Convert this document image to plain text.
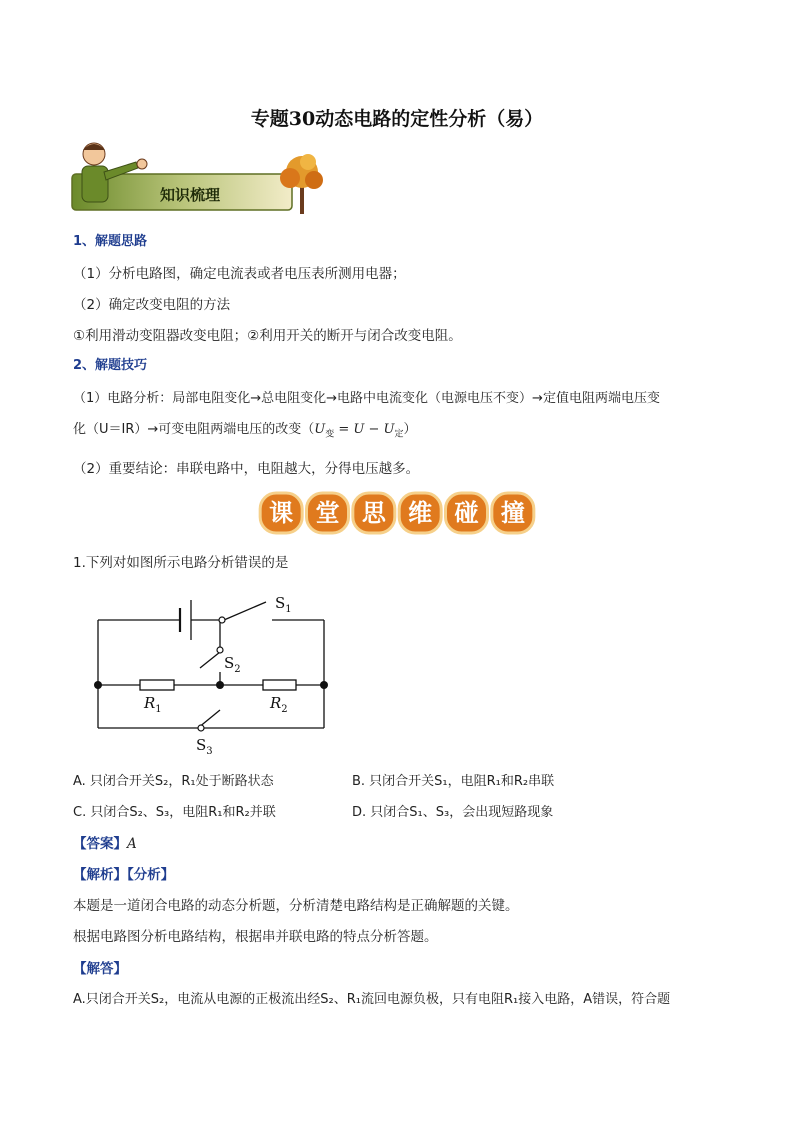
专题30动态电路的定性分析（易）
知识梳理
1、解题思路
（1）分析电路图，确定电流表或者电压表所测用电器；
（2）确定改变电阻的方法
①利用滑动变阻器改变电阻；②利用开关的断开与闭合改变电阻。
2、解题技巧
（1）电路分析：局部电阻变化→总电阻变化→电路中电流变化（电源电压不变）→定值电阻两端电压变
化（U＝IR）→可变电阻两端电压的改变$(U_变 = U - U_定)$
（2）重要结论：串联电路中，电阻越大，分得电压越多。
课 堂 思 维 碰 撞
1.下列对如图所示电路分析错误的是
$S_1$
$S_2$
$S_3$
$R_1$	$R_2$
A. 只闭合开关S₂，R₁处于断路状态	B. 只闭合开关S₁，电阻R₁和R₂串联
C. 只闭合S₂、S₃，电阻R₁和R₂并联	D. 只闭合S₁、S₃，会出现短路现象
【答案】A
【解析】【分析】
本题是一道闭合电路的动态分析题，分析清楚电路结构是正确解题的关键。
根据电路图分析电路结构，根据串并联电路的特点分析答题。
【解答】
A.只闭合开关S₂，电流从电源的正极流出经S₂、R₁流回电源负极，只有电阻R₁接入电路，A错误，符合题
